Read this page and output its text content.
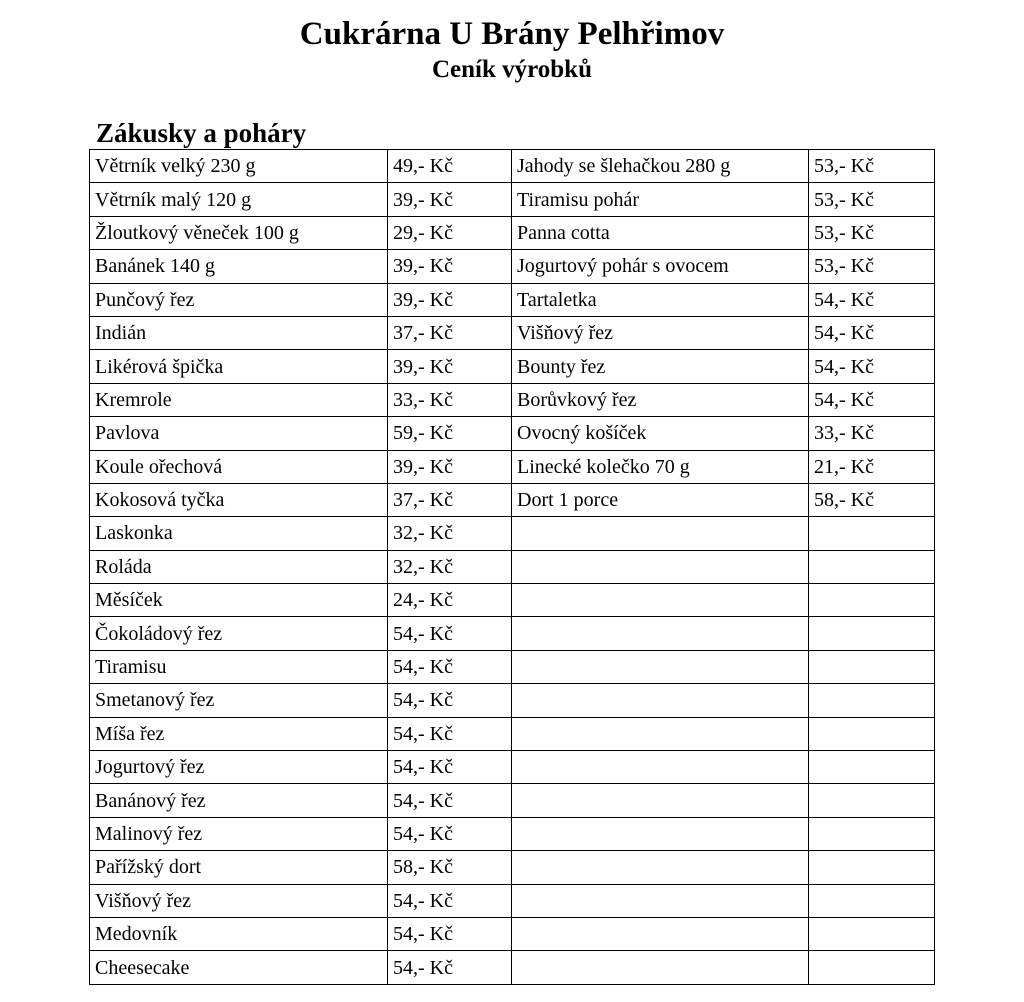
Cukrárna U Brány Pelhřimov
Ceník výrobků
Zákusky a poháry
Větrník velký 230 g	49,- Kč	Jahody se šlehačkou 280 g	53,- Kč
Větrník malý 120 g	39,- Kč	Tiramisu pohár	53,- Kč
Žloutkový věneček 100 g	29,- Kč	Panna cotta	53,- Kč
Banánek 140 g	39,- Kč	Jogurtový pohár s ovocem	53,- Kč
Punčový řez	39,- Kč	Tartaletka	54,- Kč
Indián	37,- Kč	Višňový řez	54,- Kč
Likérová špička	39,- Kč	Bounty řez	54,- Kč
Kremrole	33,- Kč	Borůvkový řez	54,- Kč
Pavlova	59,- Kč	Ovocný košíček	33,- Kč
Koule ořechová	39,- Kč	Linecké kolečko 70 g	21,- Kč
Kokosová tyčka	37,- Kč	Dort 1 porce	58,- Kč
Laskonka	32,- Kč		
Roláda	32,- Kč		
Měsíček	24,- Kč		
Čokoládový řez	54,- Kč		
Tiramisu	54,- Kč		
Smetanový řez	54,- Kč		
Míša řez	54,- Kč		
Jogurtový řez	54,- Kč		
Banánový řez	54,- Kč		
Malinový řez	54,- Kč		
Pařížský dort	58,- Kč		
Višňový řez	54,- Kč		
Medovník	54,- Kč		
Cheesecake	54,- Kč		
